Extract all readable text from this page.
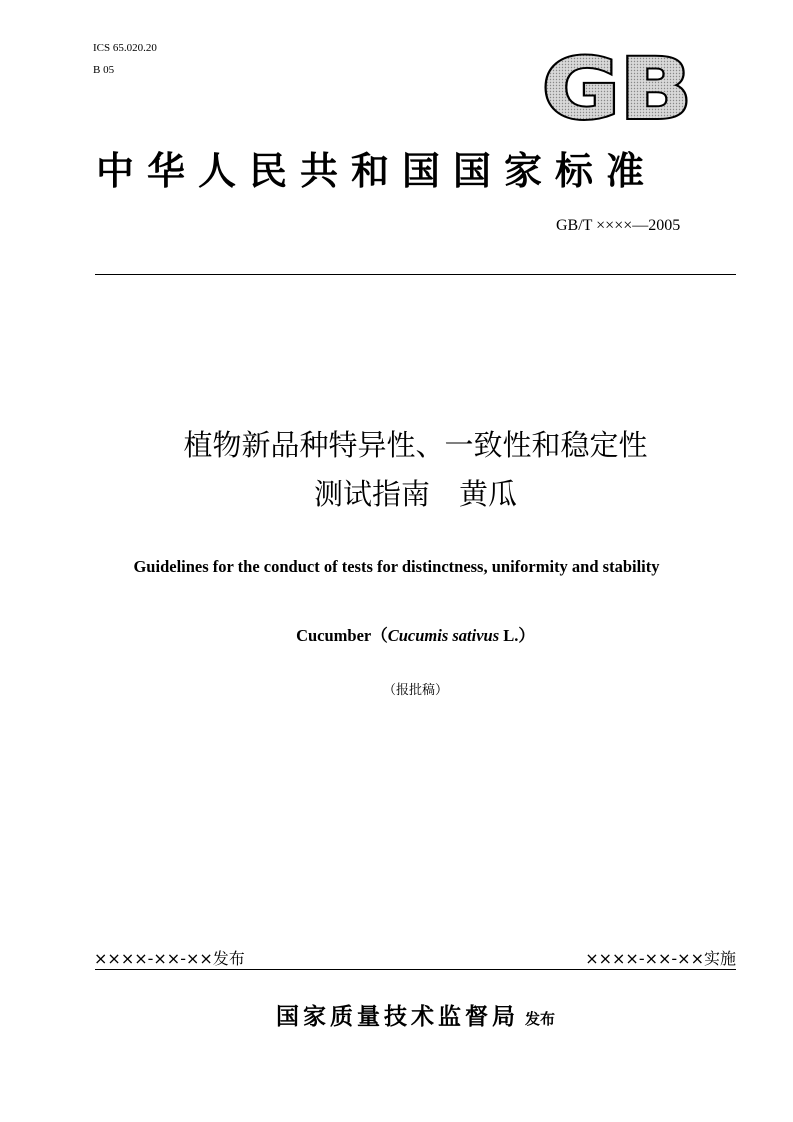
ICS 65.020.20
B 05	GB
中华人民共和国国家标准
GB/T ××××—2005
植物新品种特异性、一致性和稳定性
测试指南　黄瓜
Guidelines for the conduct of tests for distinctness, uniformity and stability
Cucumber（Cucumis sativus L.）
（报批稿）
××××-××-××发布	××××-××-××实施
国家质量技术监督局 发布
